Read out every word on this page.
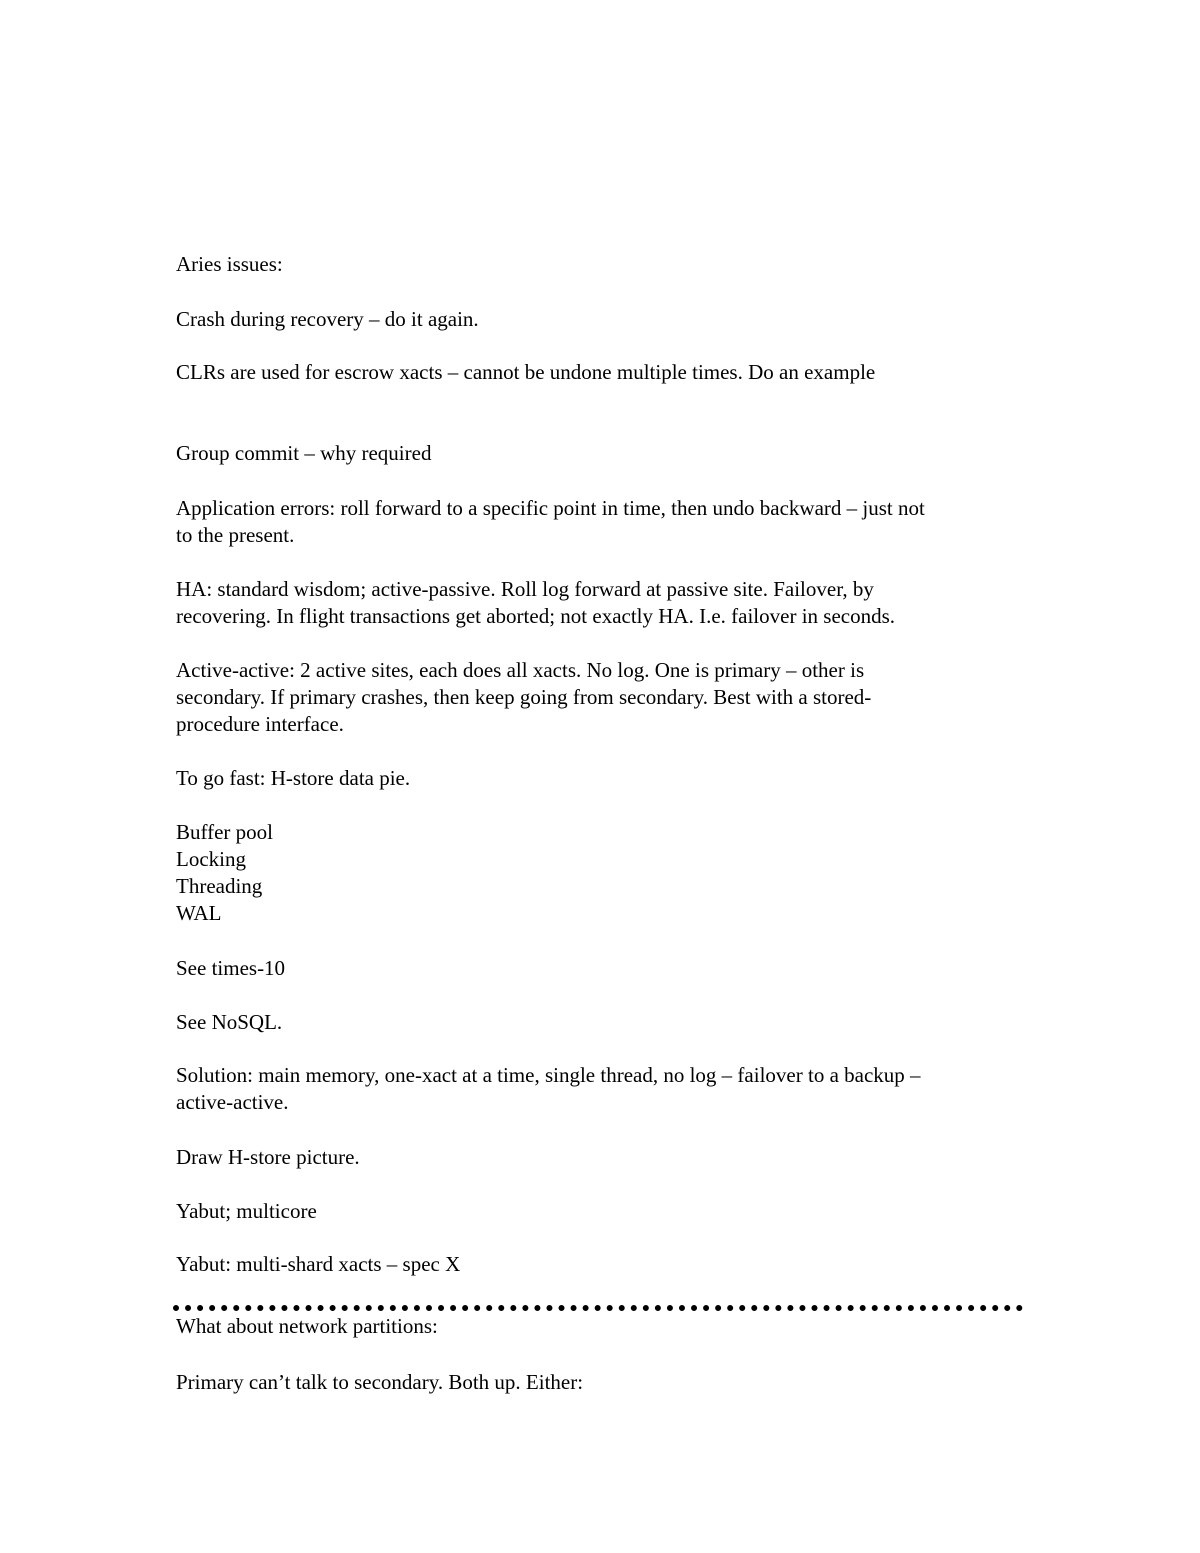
Aries issues:

Crash during recovery – do it again.

CLRs are used for escrow xacts – cannot be undone multiple times. Do an example

Group commit – why required

Application errors: roll forward to a specific point in time, then undo backward – just not

to the present.

HA: standard wisdom; active-passive. Roll log forward at passive site. Failover, by

recovering. In flight transactions get aborted; not exactly HA. I.e. failover in seconds.

Active-active: 2 active sites, each does all xacts. No log. One is primary – other is

secondary. If primary crashes, then keep going from secondary. Best with a stored-

procedure interface.

To go fast: H-store data pie.

Buffer pool

Locking

Threading

WAL

See times-10

See NoSQL.

Solution: main memory, one-xact at a time, single thread, no log – failover to a backup –

active-active.

Draw H-store picture.

Yabut; multicore

Yabut: multi-shard xacts – spec X

What about network partitions:

Primary can’t talk to secondary. Both up. Either:
